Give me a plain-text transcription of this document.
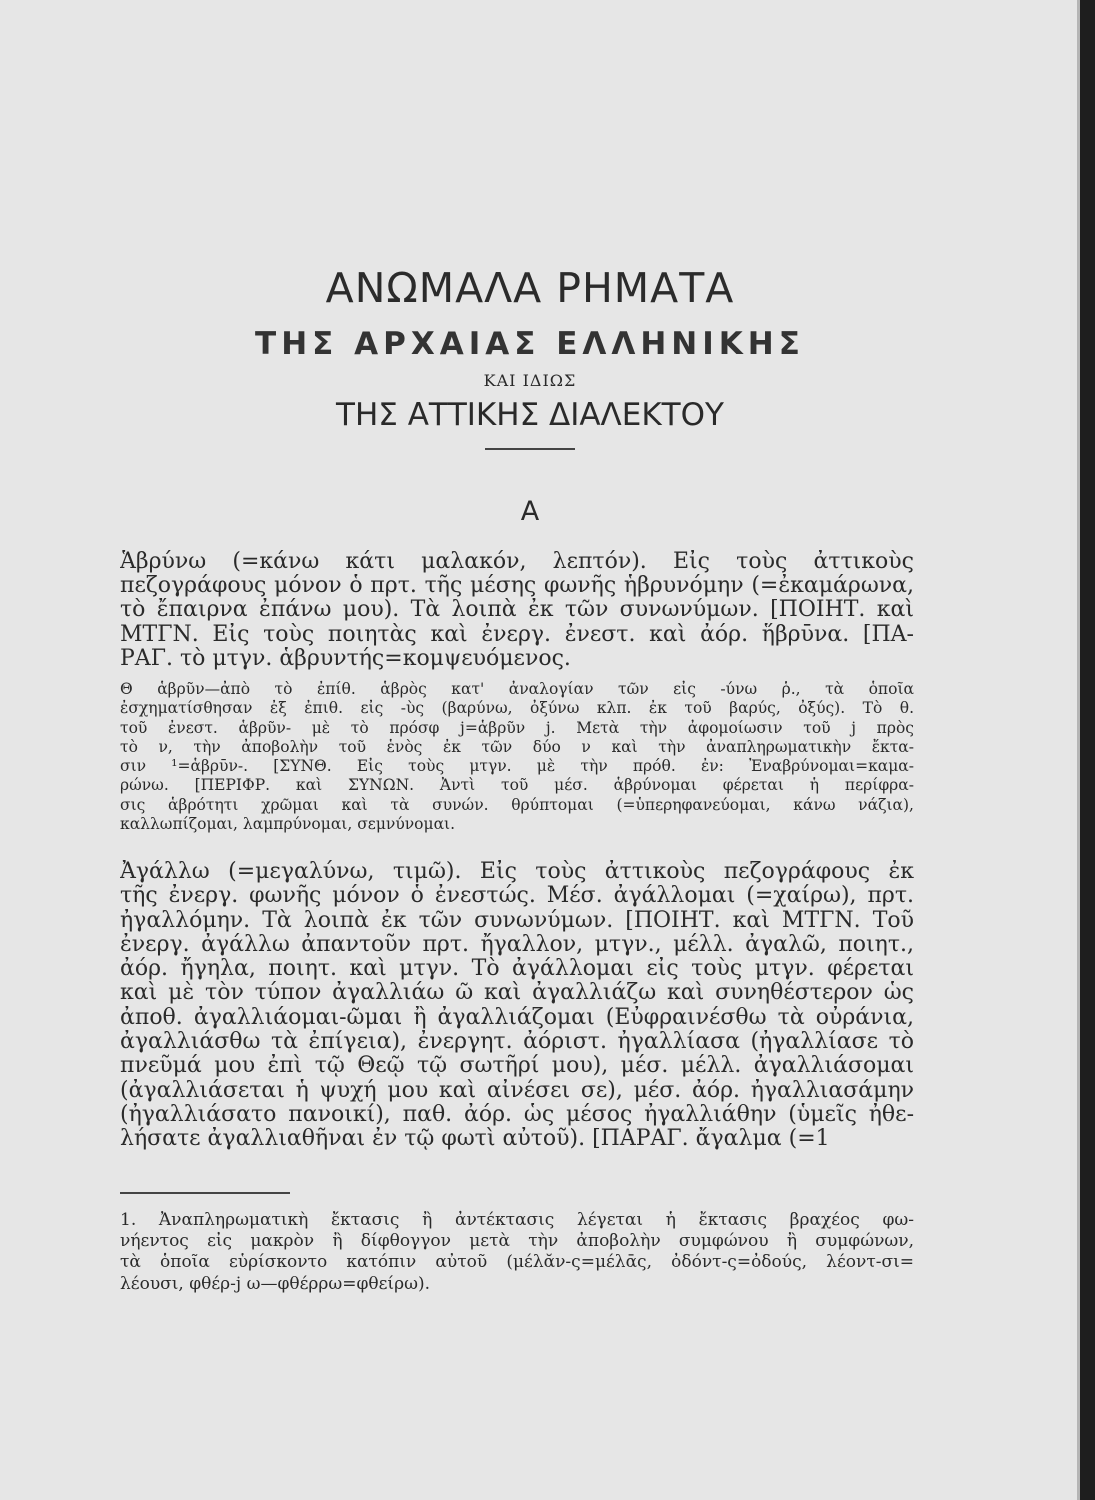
ΑΝΩΜΑΛΑ ΡΗΜΑΤΑ
ΤΗΣ ΑΡΧΑΙΑΣ ΕΛΛΗΝΙΚΗΣ
ΚΑΙ ΙΔΙΩΣ
ΤΗΣ ΑΤΤΙΚΗΣ ΔΙΑΛΕΚΤΟΥ
Α
Ἁβρύνω (=κάνω κάτι μαλακόν, λεπτόν). Εἰς τοὺς ἀττικοὺς
πεζογράφους μόνον ὁ πρτ. τῆς μέσης φωνῆς ἡβρυνόμην (=ἐκαμάρωνα,
τὸ ἔπαιρνα ἐπάνω μου). Τὰ λοιπὰ ἐκ τῶν συνωνύμων. [ΠΟΙΗΤ. καὶ
ΜΤΓΝ. Εἰς τοὺς ποιητὰς καὶ ἐνεργ. ἐνεστ. καὶ ἀόρ. ἥβρῡνα. [ΠΑ-
ΡΑΓ. τὸ μτγν. ἁβρυντής=κομψευόμενος.
Θ ἁβρῦν—ἀπὸ τὸ ἐπίθ. ἁβρὸς κατ' ἀναλογίαν τῶν εἰς -ύνω ῥ., τὰ ὁποῖα
ἐσχηματίσθησαν ἐξ ἐπιθ. εἰς -ὺς (βαρύνω, ὀξύνω κλπ. ἐκ τοῦ βαρύς, ὀξύς). Τὸ θ.
τοῦ ἐνεστ. ἁβρῦν- μὲ τὸ πρόσφ j=ἁβρῦν j. Μετὰ τὴν ἀφομοίωσιν τοῦ j πρὸς
τὸ ν, τὴν ἀποβολὴν τοῦ ἑνὸς ἐκ τῶν δύο ν καὶ τὴν ἀναπληρωματικὴν ἔκτα-
σιν ¹=ἁβρῡν-. [ΣΥΝΘ. Εἰς τοὺς μτγν. μὲ τὴν πρόθ. ἐν: Ἐναβρύνομαι=καμα-
ρώνω. [ΠΕΡΙΦΡ. καὶ ΣΥΝΩΝ. Ἀντὶ τοῦ μέσ. ἁβρύνομαι φέρεται ἡ περίφρα-
σις ἁβρότητι χρῶμαι καὶ τὰ συνών. θρύπτομαι (=ὑπερηφανεύομαι, κάνω νάζια),
καλλωπίζομαι, λαμπρύνομαι, σεμνύνομαι.
Ἀγάλλω (=μεγαλύνω, τιμῶ). Εἰς τοὺς ἀττικοὺς πεζογράφους ἐκ
τῆς ἐνεργ. φωνῆς μόνον ὁ ἐνεστώς. Μέσ. ἀγάλλομαι (=χαίρω), πρτ.
ἠγαλλόμην. Τὰ λοιπὰ ἐκ τῶν συνωνύμων. [ΠΟΙΗΤ. καὶ ΜΤΓΝ. Τοῦ
ἐνεργ. ἀγάλλω ἀπαντοῦν πρτ. ἤγαλλον, μτγν., μέλλ. ἀγαλῶ, ποιητ.,
ἀόρ. ἤγηλα, ποιητ. καὶ μτγν. Τὸ ἀγάλλομαι εἰς τοὺς μτγν. φέρεται
καὶ μὲ τὸν τύπον ἀγαλλιάω ῶ καὶ ἀγαλλιάζω καὶ συνηθέστερον ὡς
ἀποθ. ἀγαλλιάομαι-ῶμαι ἢ ἀγαλλιάζομαι (Εὐφραινέσθω τὰ οὐράνια,
ἀγαλλιάσθω τὰ ἐπίγεια), ἐνεργητ. ἀόριστ. ἠγαλλίασα (ἠγαλλίασε τὸ
πνεῦμά μου ἐπὶ τῷ Θεῷ τῷ σωτῆρί μου), μέσ. μέλλ. ἀγαλλιάσομαι
(ἀγαλλιάσεται ἡ ψυχή μου καὶ αἰνέσει σε), μέσ. ἀόρ. ἠγαλλιασάμην
(ἠγαλλιάσατο πανοικί), παθ. ἀόρ. ὡς μέσος ἠγαλλιάθην (ὑμεῖς ἠθε-
λήσατε ἀγαλλιαθῆναι ἐν τῷ φωτὶ αὐτοῦ). [ΠΑΡΑΓ. ἄγαλμα (=1
1. Ἀναπληρωματικὴ ἔκτασις ἢ ἀντέκτασις λέγεται ἡ ἔκτασις βραχέος φω-
νήεντος εἰς μακρὸν ἢ δίφθογγον μετὰ τὴν ἀποβολὴν συμφώνου ἢ συμφώνων,
τὰ ὁποῖα εὑρίσκοντο κατόπιν αὐτοῦ (μέλᾰν-ς=μέλᾱς, ὀδόντ-ς=ὀδούς, λέοντ-σι=
λέουσι, φθέρ-j ω—φθέρρω=φθείρω).
